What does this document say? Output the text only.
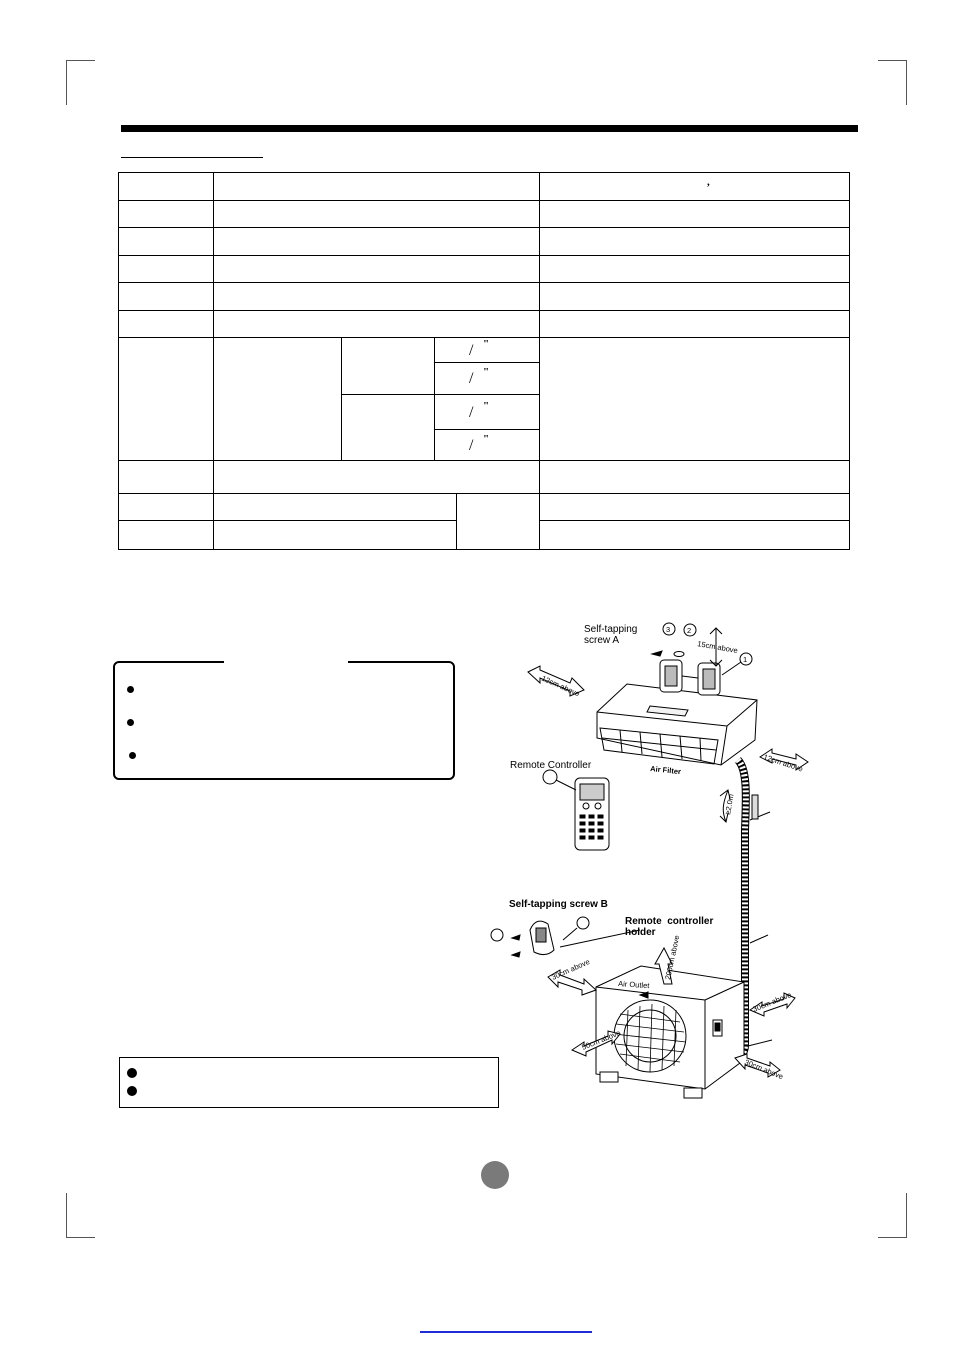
,
/ "
/ "
/ "
/ "
12cm above
15cm above
12cm above
Air Filter
≥2.0m
Air Outlet
30cm above	200cm above
30cm above
50cm above
30cm above
3 2
1
Self-tapping
screw A
Remote Controller
Self-tapping screw B
Remote  controller
holder
